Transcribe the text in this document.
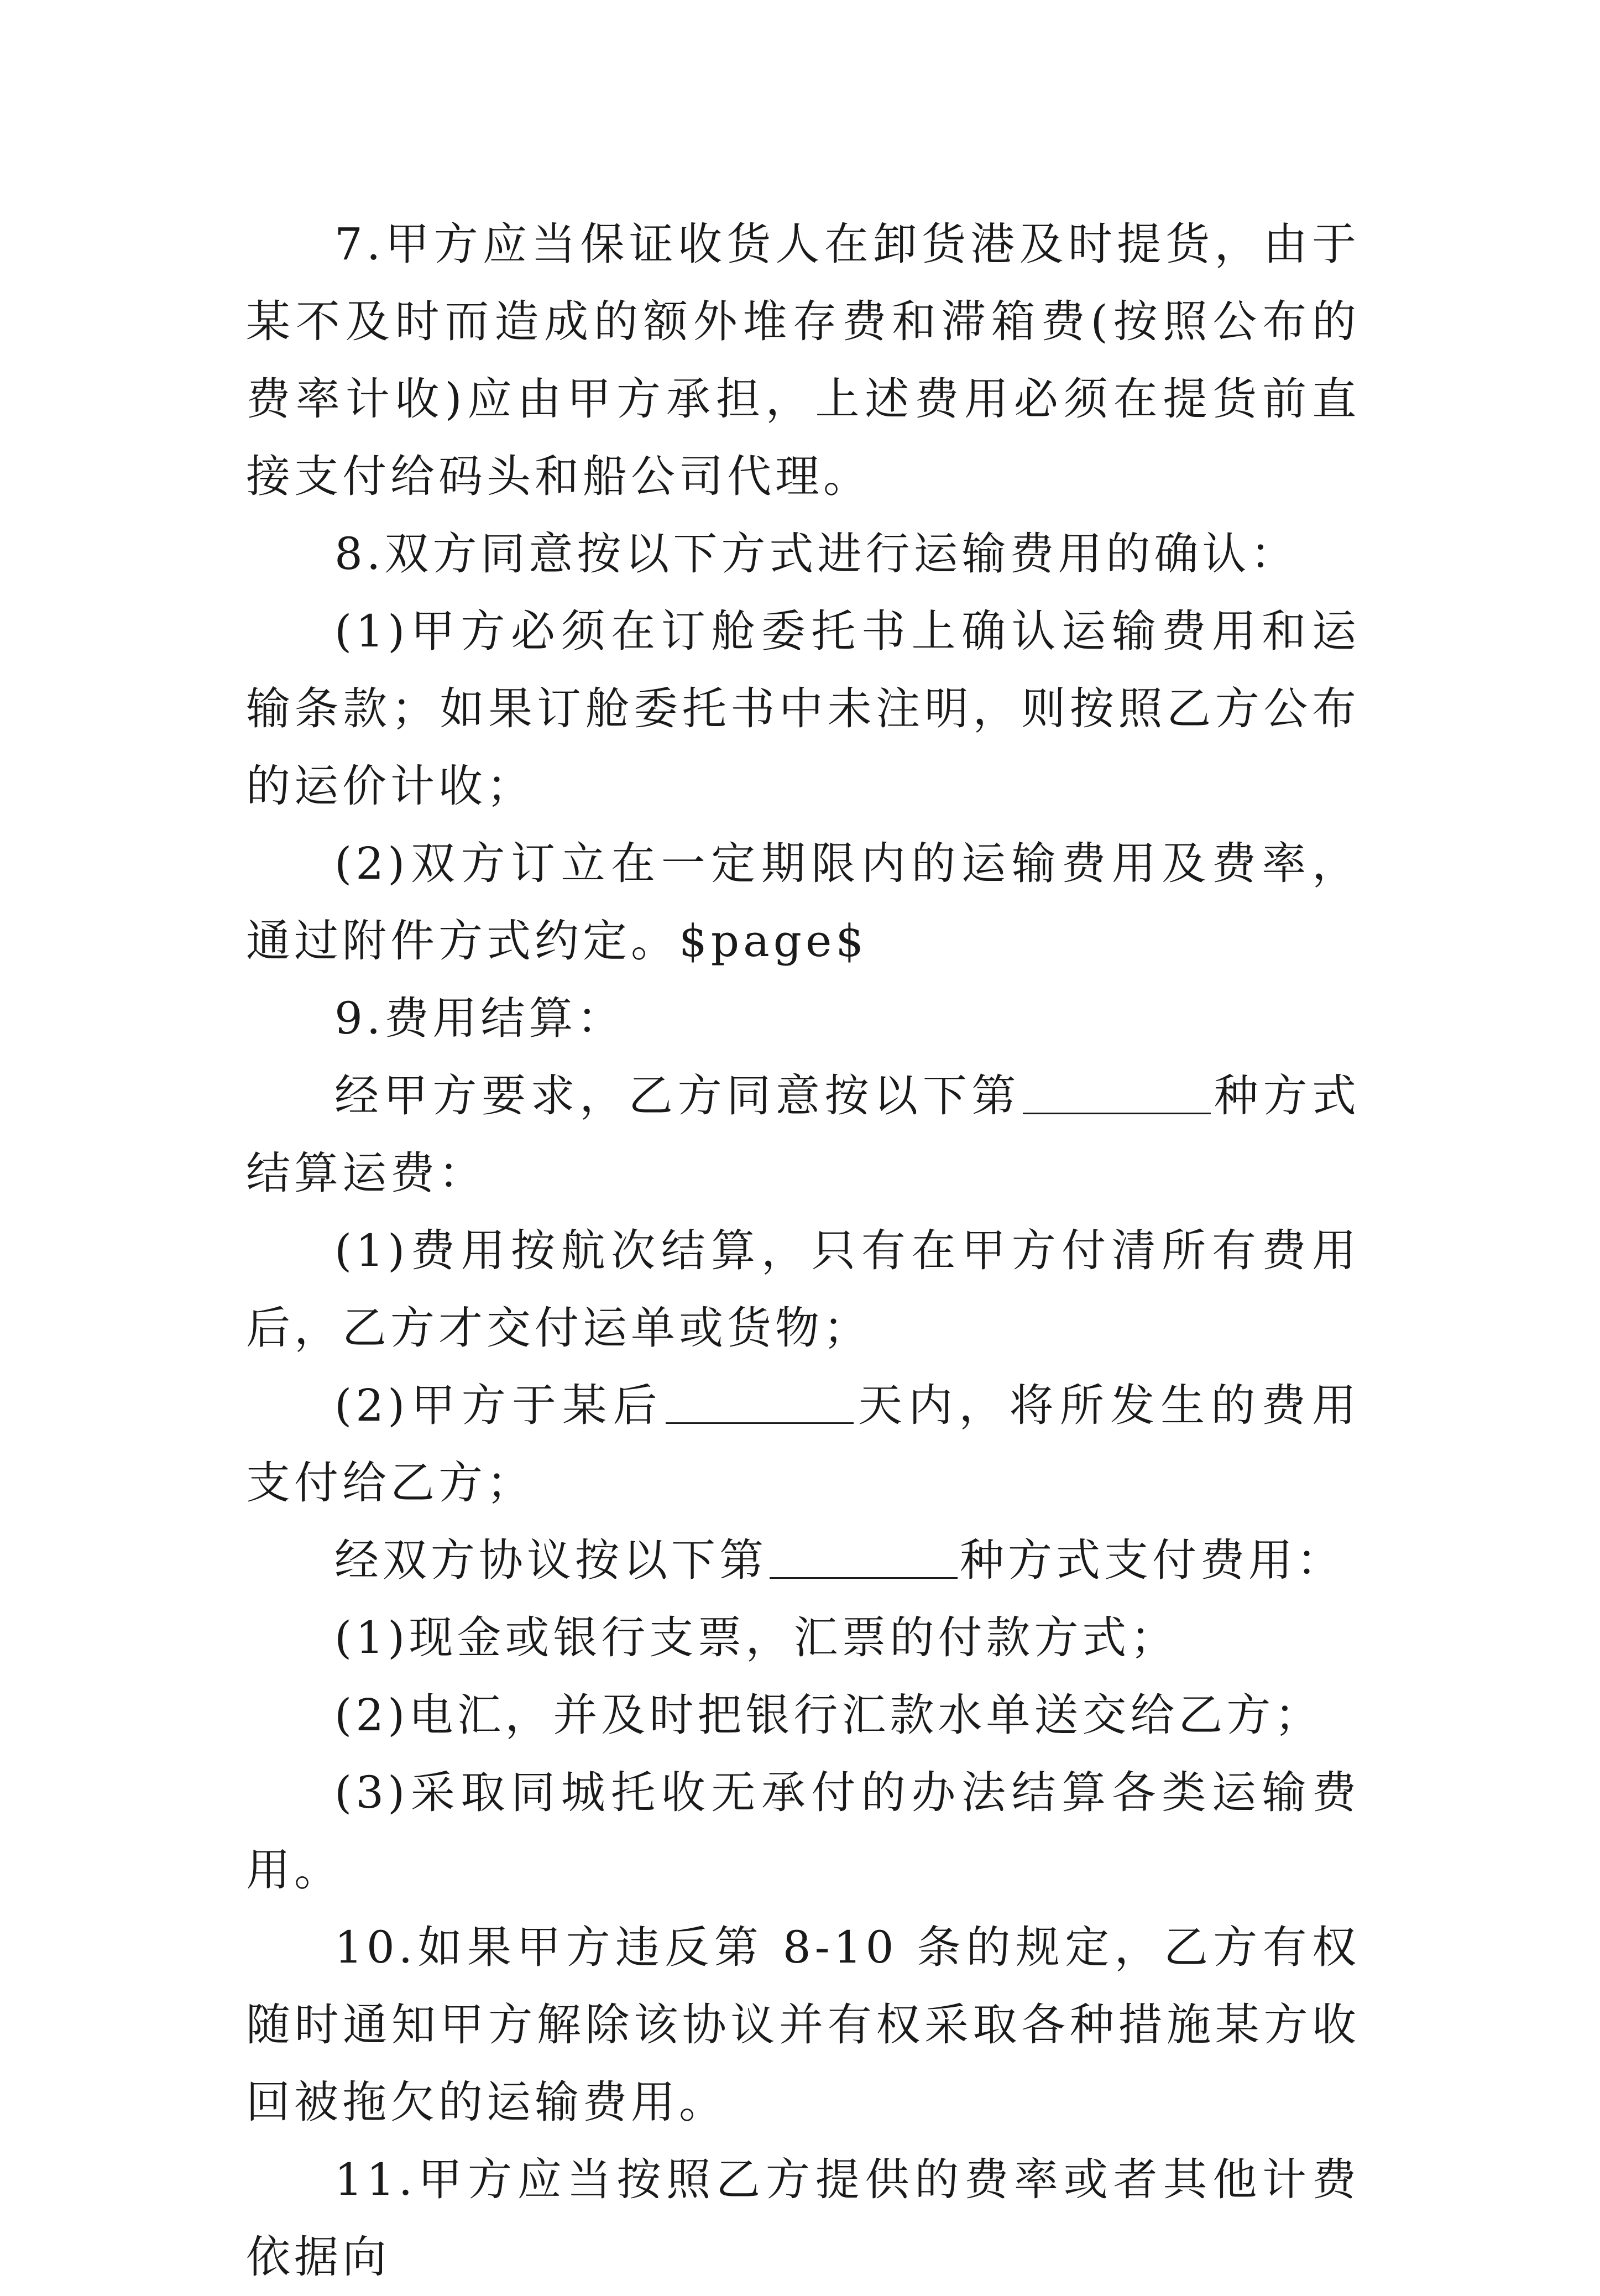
7.甲方应当保证收货人在卸货港及时提货，由于某不及时而造成的额外堆存费和滞箱费(按照公布的费率计收)应由甲方承担，上述费用必须在提货前直接支付给码头和船公司代理。

8.双方同意按以下方式进行运输费用的确认：

(1)甲方必须在订舱委托书上确认运输费用和运输条款；如果订舱委托书中未注明，则按照乙方公布的运价计收；

(2)双方订立在一定期限内的运输费用及费率，通过附件方式约定。$page$

9.费用结算：

经甲方要求，乙方同意按以下第	种方式结算运费：

(1)费用按航次结算，只有在甲方付清所有费用后，乙方才交付运单或货物；

(2)甲方于某后	天内，将所发生的费用支付给乙方；

经双方协议按以下第	种方式支付费用：

(1)现金或银行支票，汇票的付款方式；

(2)电汇，并及时把银行汇款水单送交给乙方；

(3)采取同城托收无承付的办法结算各类运输费用。

10.如果甲方违反第 8-10 条的规定，乙方有权随时通知甲方解除该协议并有权采取各种措施某方收回被拖欠的运输费用。

11.甲方应当按照乙方提供的费率或者其他计费依据向
